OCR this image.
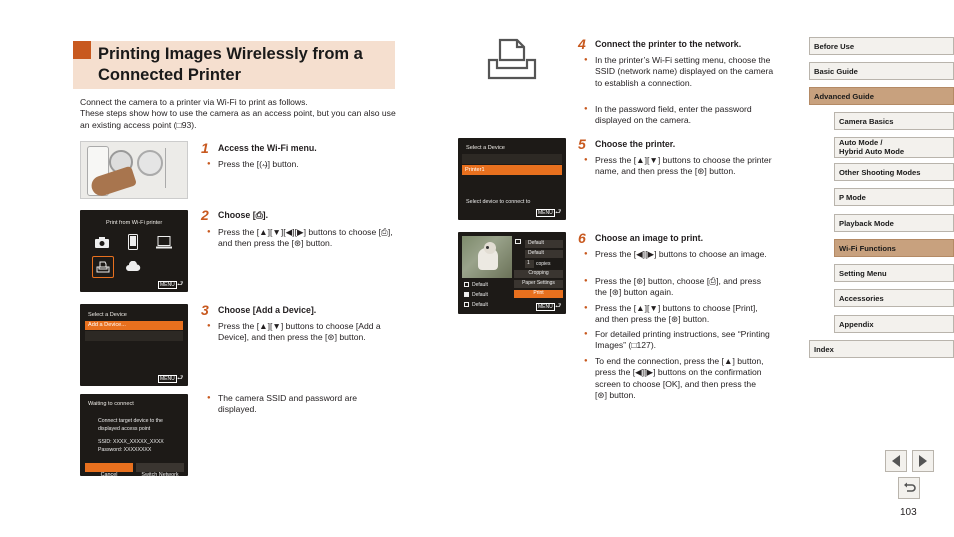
Printing Images Wirelessly from a Connected Printer
Connect the camera to a printer via Wi-Fi to print as follows.
These steps show how to use the camera as an access point, but you can also use an existing access point (□93).
Print from Wi-Fi printer
MENU ⮐
Select a Device
Add a Device...
MENU ⮐
Waiting to connect
Connect target device to the
displayed access point
SSID: XXXX_XXXXX_XXXX
Password: XXXXXXXX
Cancel	Switch Network
Select a Device
Printer1
Select device to connect to
MENU ⮐
Default
Default
Default
Default
Default
1	copies
Cropping
Paper Settings
Print
MENU ⮐
1 Access the Wi-Fi menu.
● Press the [(·̶)] button.
2 Choose [⎙].
● Press the [▲][▼][◀][▶] buttons to choose [⎙], and then press the [⊛] button.
3 Choose [Add a Device].
● Press the [▲][▼] buttons to choose [Add a Device], and then press the [⊛] button.
● The camera SSID and password are displayed.
4 Connect the printer to the network.
● In the printer’s Wi-Fi setting menu, choose the SSID (network name) displayed on the camera to establish a connection.
● In the password field, enter the password displayed on the camera.
5 Choose the printer.
● Press the [▲][▼] buttons to choose the printer name, and then press the [⊛] button.
6 Choose an image to print.
● Press the [◀][▶] buttons to choose an image.
● Press the [⊛] button, choose [⎙], and press the [⊛] button again.
● Press the [▲][▼] buttons to choose [Print], and then press the [⊛] button.
● For detailed printing instructions, see “Printing Images” (□127).
● To end the connection, press the [▲] button, press the [◀][▶] buttons on the confirmation screen to choose [OK], and then press the [⊛] button.
Before Use
Basic Guide
Advanced Guide
Camera Basics
Auto Mode /
Hybrid Auto Mode
Other Shooting Modes
P Mode
Playback Mode
Wi-Fi Functions
Setting Menu
Accessories
Appendix
Index
103
